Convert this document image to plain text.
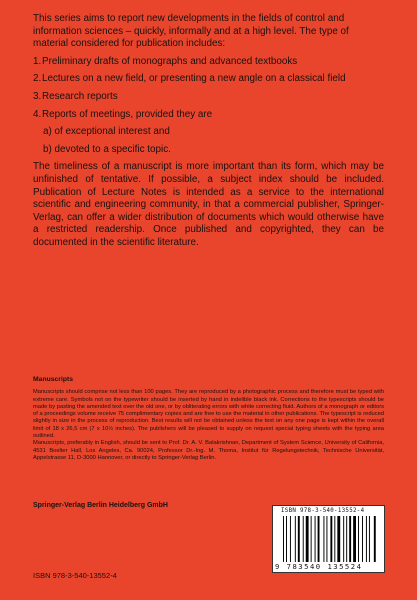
This series aims to report new developments in the fields of control and information sciences – quickly, informally and at a high level. The type of material considered for publication includes:

1. Preliminary drafts of monographs and advanced textbooks
2. Lectures on a new field, or presenting a new angle on a classical field
3. Research reports
4. Reports of meetings, provided they are
a) of exceptional interest and
b) devoted to a specific topic.

The timeliness of a manuscript is more important than its form, which may be unfinished of tentative. If possible, a subject index should be included. Publication of Lecture Notes is intended as a service to the international scientific and engineering community, in that a commercial publisher, Springer-Verlag, can offer a wider distribution of documents which would otherwise have a restricted readership. Once published and copyrighted, they can be documented in the scientific literature.

Manuscripts

Manuscripts should comprise not less than 100 pages. They are reproduced by a photographic process and therefore must be typed with extreme care. Symbols not on the typewriter should be inserted by hand in indelible black ink. Corrections to the typescripts should be made by pasting the amended text over the old one, or by obliterating errors with white correcting fluid. Authors of a monograph or editors of a proceedings volume receive 75 complimentary copies and are free to use the material in other publications. The typescript is reduced slightly in size in the process of reproduction. Best results will not be obtained unless the text on any one page is kept within the overall limit of 18 x 26,5 cm (7 x 10½ inches). The publishers will be pleased to supply on request special typing sheets with the typing area outlined.

Manuscripts, preferably in English, should be sent to Prof. Dr. A. V. Balakrishnan, Department of System Science, University of California, 4531 Boelter Hall, Los Angeles, Ca. 90024, Professor Dr.-Ing. M. Thoma, Institut für Regelungstechnik, Technische Universität, Appelstrasse 11, D-3000 Hannover, or directly to Springer-Verlag Berlin.

Springer-Verlag Berlin Heidelberg GmbH
ISBN 978-3-540-13552-4
ISBN 978-3-540-13552-4
9 783540 135524
